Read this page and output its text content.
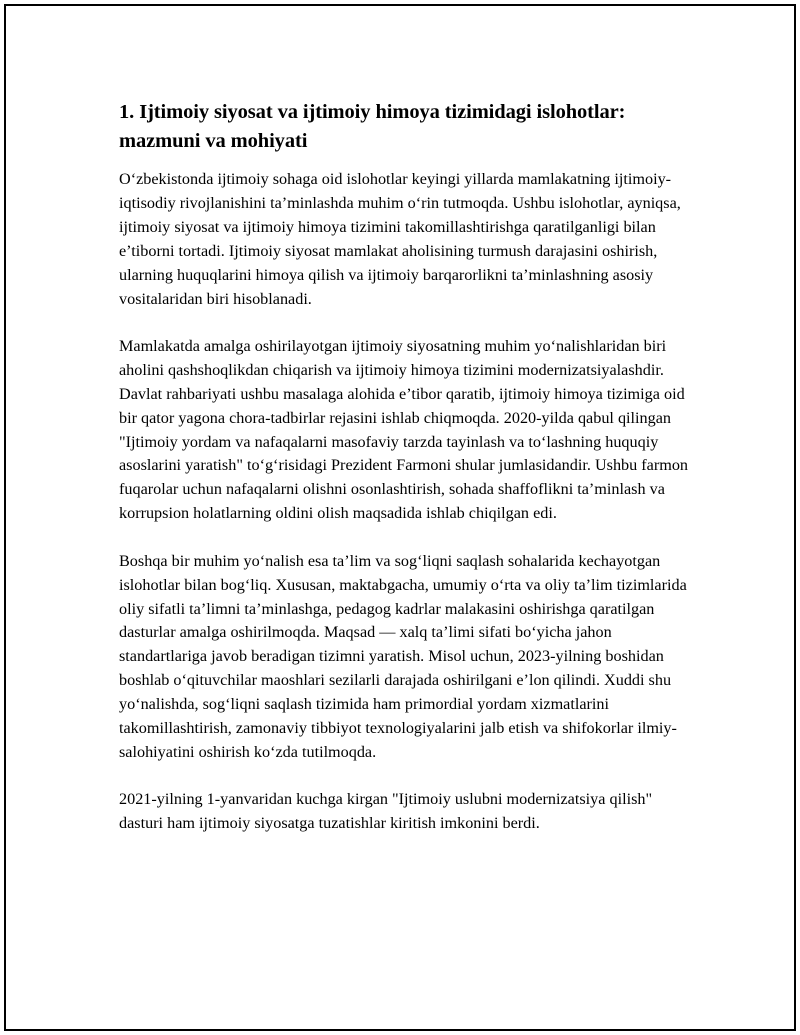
1. Ijtimoiy siyosat va ijtimoiy himoya tizimidagi islohotlar: mazmuni va mohiyati

O‘zbekistonda ijtimoiy sohaga oid islohotlar keyingi yillarda mamlakatning ijtimoiy-iqtisodiy rivojlanishini ta’minlashda muhim o‘rin tutmoqda. Ushbu islohotlar, ayniqsa, ijtimoiy siyosat va ijtimoiy himoya tizimini takomillashtirishga qaratilganligi bilan e’tiborni tortadi. Ijtimoiy siyosat mamlakat aholisining turmush darajasini oshirish, ularning huquqlarini himoya qilish va ijtimoiy barqarorlikni ta’minlashning asosiy vositalaridan biri hisoblanadi.

Mamlakatda amalga oshirilayotgan ijtimoiy siyosatning muhim yo‘nalishlaridan biri aholini qashshoqlikdan chiqarish va ijtimoiy himoya tizimini modernizatsiyalashdir. Davlat rahbariyati ushbu masalaga alohida e’tibor qaratib, ijtimoiy himoya tizimiga oid bir qator yagona chora-tadbirlar rejasini ishlab chiqmoqda. 2020-yilda qabul qilingan "Ijtimoiy yordam va nafaqalarni masofaviy tarzda tayinlash va to‘lashning huquqiy asoslarini yaratish" to‘g‘risidagi Prezident Farmoni shular jumlasidandir. Ushbu farmon fuqarolar uchun nafaqalarni olishni osonlashtirish, sohada shaffoflikni ta’minlash va korrupsion holatlarning oldini olish maqsadida ishlab chiqilgan edi.

Boshqa bir muhim yo‘nalish esa ta’lim va sog‘liqni saqlash sohalarida kechayotgan islohotlar bilan bog‘liq. Xususan, maktabgacha, umumiy o‘rta va oliy ta’lim tizimlarida oliy sifatli ta’limni ta’minlashga, pedagog kadrlar malakasini oshirishga qaratilgan dasturlar amalga oshirilmoqda. Maqsad — xalq ta’limi sifati bo‘yicha jahon standartlariga javob beradigan tizimni yaratish. Misol uchun, 2023-yilning boshidan boshlab o‘qituvchilar maoshlari sezilarli darajada oshirilgani e’lon qilindi. Xuddi shu yo‘nalishda, sog‘liqni saqlash tizimida ham primordial yordam xizmatlarini takomillashtirish, zamonaviy tibbiyot texnologiyalarini jalb etish va shifokorlar ilmiy-salohiyatini oshirish ko‘zda tutilmoqda.

2021-yilning 1-yanvaridan kuchga kirgan "Ijtimoiy uslubni modernizatsiya qilish" dasturi ham ijtimoiy siyosatga tuzatishlar kiritish imkonini berdi.
